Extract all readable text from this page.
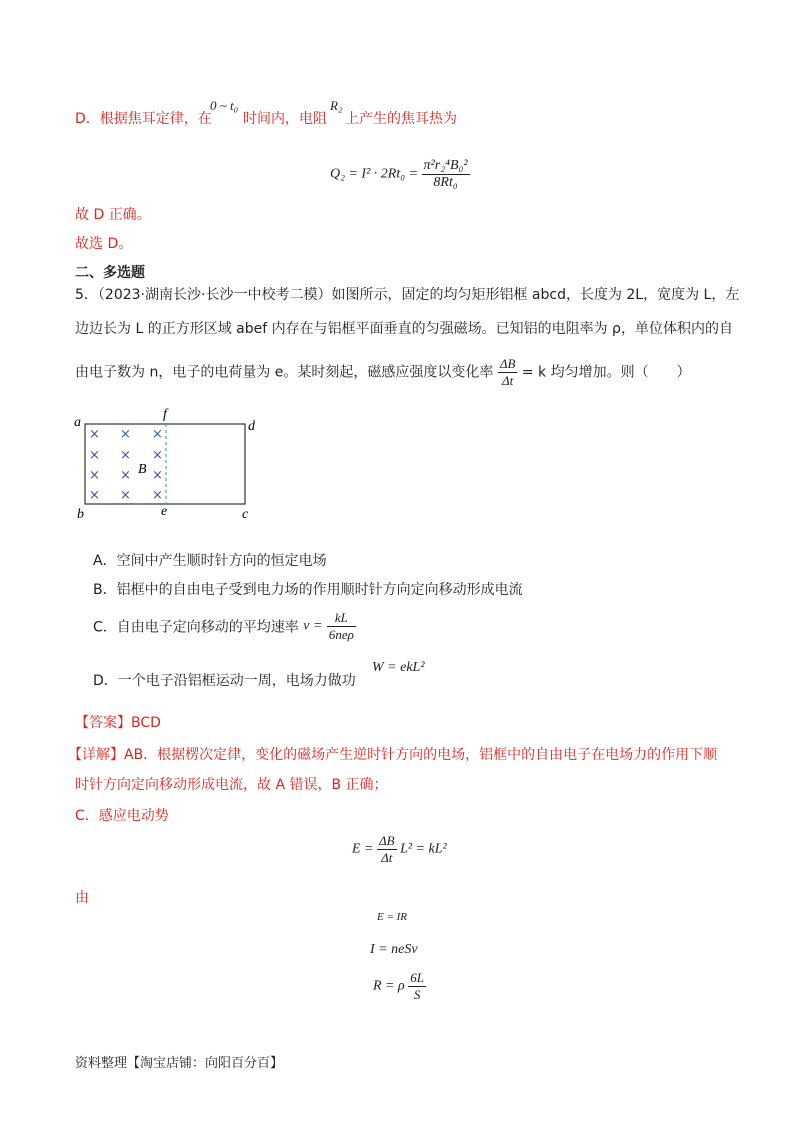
D．根据焦耳定律，在
0 ~ t₀
时间内，电阻
R₂
上产生的焦耳热为
$Q_2 = I^2 \cdot 2Rt_0 = \frac{\text{π²r₂⁴B₀²}}{\text{8Rt₀}}$
故 D 正确。
故选 D。
二、多选题
5．（2023·湖南长沙·长沙一中校考二模）如图所示，固定的均匀矩形铝框 abcd，长度为 2L，宽度为 L，左
边边长为 L 的正方形区域 abef 内存在与铝框平面垂直的匀强磁场。已知铝的电阻率为 ρ，单位体积内的自
由电子数为 n，电子的电荷量为 e。某时刻起，磁感应强度以变化率 $\frac{\Delta B}{\Delta t} = k$ 均匀增加。则（　　）
a	d
b	c
e
f
B
× × ×
× × ×
× × ×
× × ×
A．空间中产生顺时针方向的恒定电场
B．铝框中的自由电子受到电力场的作用顺时针方向定向移动形成电流
C．自由电子定向移动的平均速率 $v = \frac{kL}{\text{6neρ}}$
D．一个电子沿铝框运动一周，电场力做功
W = ekL²
【答案】BCD
【详解】AB．根据楞次定律，变化的磁场产生逆时针方向的电场，铝框中的自由电子在电场力的作用下顺
时针方向定向移动形成电流，故 A 错误，B 正确；
C．感应电动势
$E = \frac{\Delta B}{\Delta t} L^2 = kL^2$
由
E = IR
I = neSv
R = ρ $\frac{6L}{S}$
资料整理【淘宝店铺：向阳百分百】
